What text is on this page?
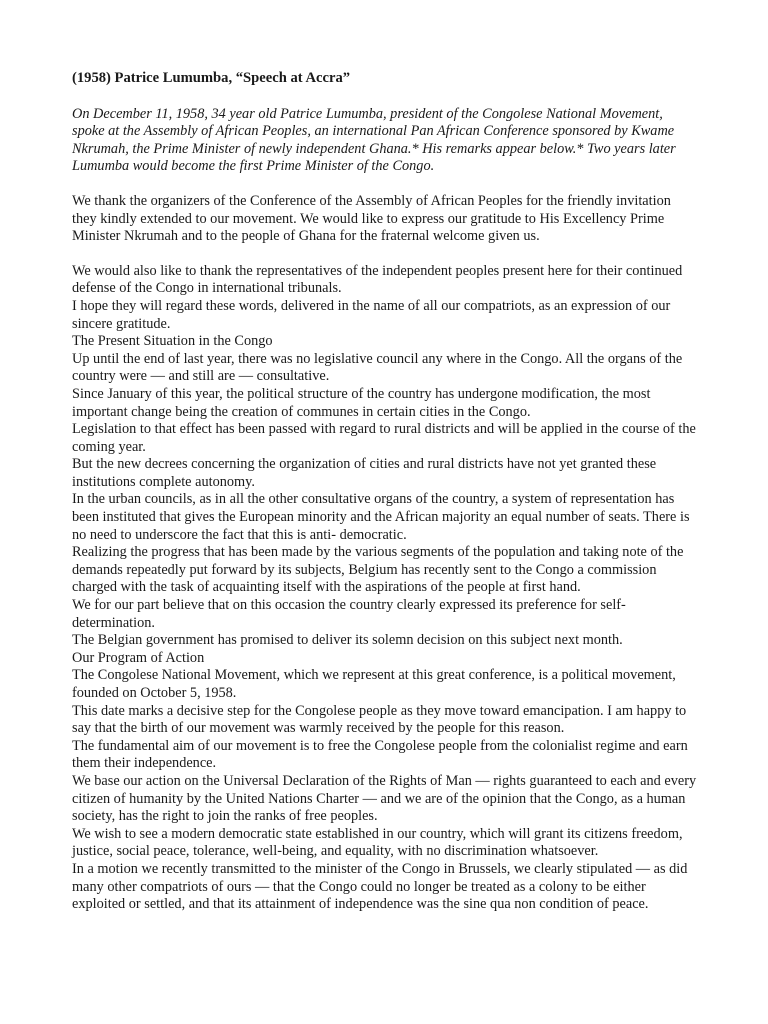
(1958) Patrice Lumumba, “Speech at Accra”

On December 11, 1958, 34 year old Patrice Lumumba, president of the Congolese National Movement, spoke at the Assembly of African Peoples, an international Pan African Conference sponsored by Kwame Nkrumah, the Prime Minister of newly independent Ghana.* His remarks appear below.* Two years later Lumumba would become the first Prime Minister of the Congo.

We thank the organizers of the Conference of the Assembly of African Peoples for the friendly invitation they kindly extended to our movement. We would like to express our gratitude to His Excellency Prime Minister Nkrumah and to the people of Ghana for the fraternal welcome given us.

We would also like to thank the representatives of the independent peoples present here for their continued defense of the Congo in international tribunals.

I hope they will regard these words, delivered in the name of all our compatriots, as an expression of our sincere gratitude.

The Present Situation in the Congo

Up until the end of last year, there was no legislative council any where in the Congo. All the organs of the country were — and still are — consultative.

Since January of this year, the political structure of the country has undergone modification, the most important change being the creation of communes in certain cities in the Congo.

Legislation to that effect has been passed with regard to rural districts and will be applied in the course of the coming year.

But the new decrees concerning the organization of cities and rural districts have not yet granted these institutions complete autonomy.

In the urban councils, as in all the other consultative organs of the country, a system of representation has been instituted that gives the European minority and the African majority an equal number of seats. There is no need to underscore the fact that this is anti- democratic.

Realizing the progress that has been made by the various segments of the population and taking note of the demands repeatedly put forward by its subjects, Belgium has recently sent to the Congo a commission charged with the task of acquainting itself with the aspirations of the people at first hand.

We for our part believe that on this occasion the country clearly expressed its preference for self-determination.

The Belgian government has promised to deliver its solemn decision on this subject next month.

Our Program of Action

The Congolese National Movement, which we represent at this great conference, is a political movement, founded on October 5, 1958.

This date marks a decisive step for the Congolese people as they move toward emancipation. I am happy to say that the birth of our movement was warmly received by the people for this reason.

The fundamental aim of our movement is to free the Congolese people from the colonialist regime and earn them their independence.

We base our action on the Universal Declaration of the Rights of Man — rights guaranteed to each and every citizen of humanity by the United Nations Charter — and we are of the opinion that the Congo, as a human society, has the right to join the ranks of free peoples.

We wish to see a modern democratic state established in our country, which will grant its citizens freedom, justice, social peace, tolerance, well-being, and equality, with no discrimination whatsoever.

In a motion we recently transmitted to the minister of the Congo in Brussels, we clearly stipulated — as did many other compatriots of ours — that the Congo could no longer be treated as a colony to be either exploited or settled, and that its attainment of independence was the sine qua non condition of peace.
